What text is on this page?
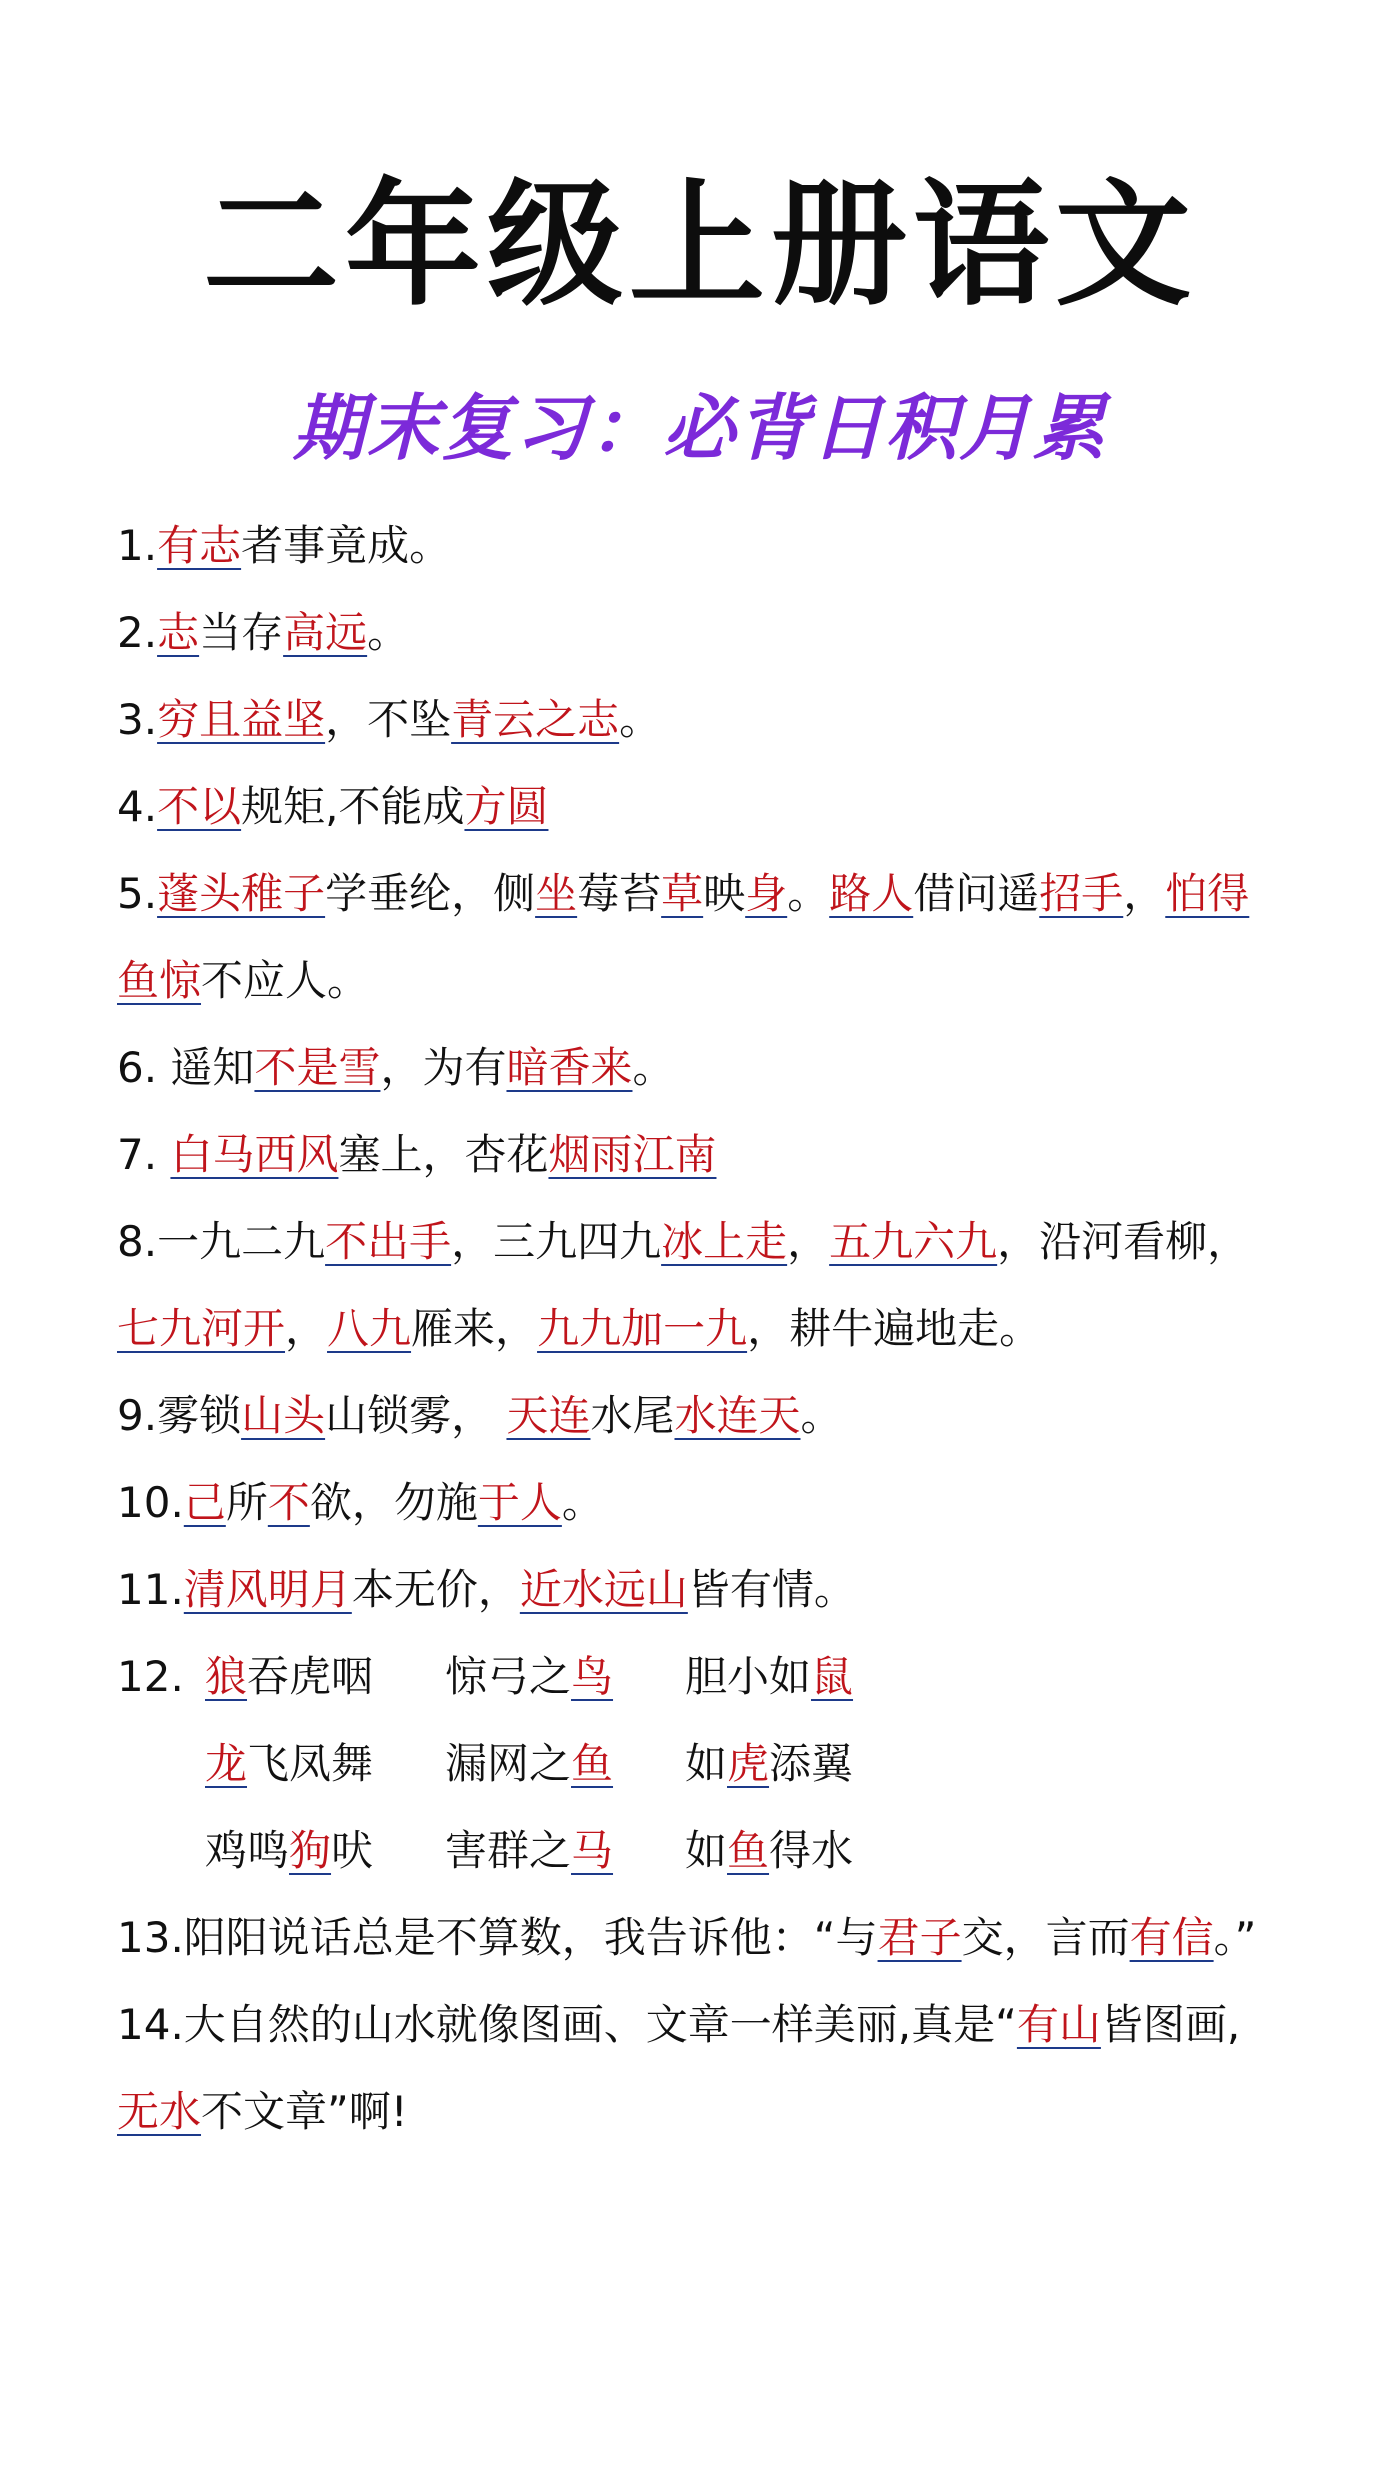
二年级上册语文
期末复习：必背日积月累
1.有志者事竟成。
2.志当存高远。
3.穷且益坚，不坠青云之志。
4.不以规矩,不能成方圆
5.蓬头稚子学垂纶，侧坐莓苔草映身。路人借问遥招手，怕得
鱼惊不应人。
6. 遥知不是雪，为有暗香来。
7. 白马西风塞上，杏花烟雨江南
8.一九二九不出手，三九四九冰上走，五九六九，沿河看柳，
七九河开，八九雁来，九九加一九，耕牛遍地走。
9.雾锁山头山锁雾， 天连水尾水连天。
10.己所不欲，勿施于人。
11.清风明月本无价，近水远山皆有情。
12. 狼吞虎咽 惊弓之鸟 胆小如鼠
龙飞凤舞 漏网之鱼 如虎添翼
鸡鸣狗吠 害群之马 如鱼得水
13.阳阳说话总是不算数，我告诉他：“与君子交，言而有信。”
14.大自然的山水就像图画、文章一样美丽,真是“有山皆图画,
无水不文章”啊!
